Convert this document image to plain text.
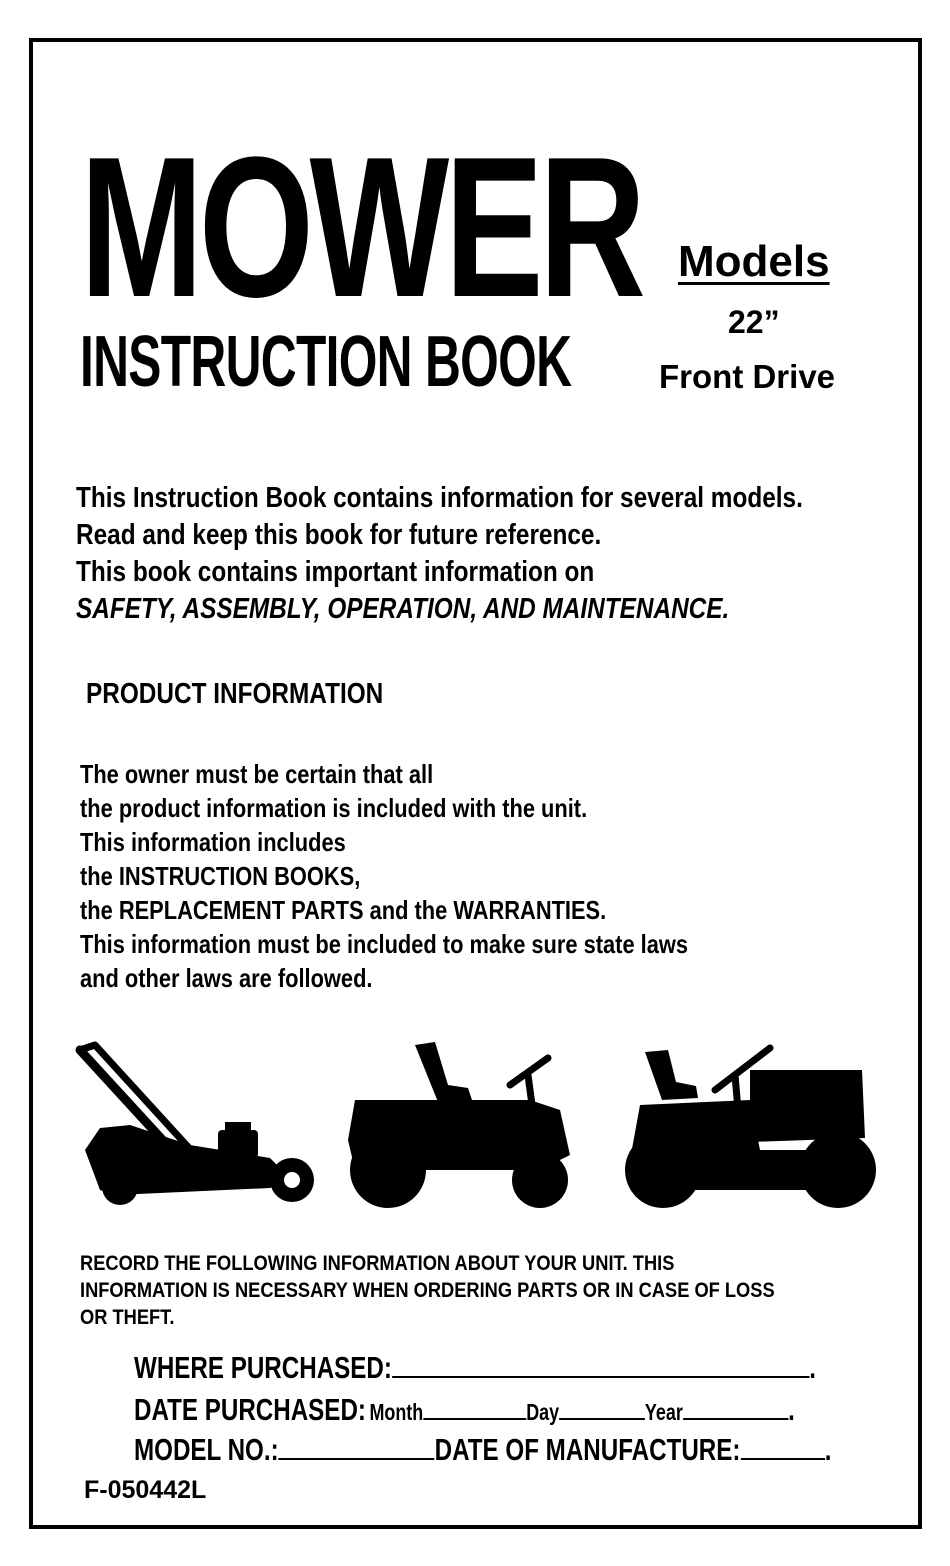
MOWER
INSTRUCTION BOOK
Models
22”
Front Drive
This Instruction Book contains information for several models.
Read and keep this book for future reference.
This book contains important information on
SAFETY, ASSEMBLY, OPERATION, AND MAINTENANCE.
PRODUCT INFORMATION
The owner must be certain that all
the product information is included with the unit.
This information includes
the INSTRUCTION BOOKS,
the REPLACEMENT PARTS and the WARRANTIES.
This information must be included to make sure state laws
and other laws are followed.
RECORD THE FOLLOWING INFORMATION ABOUT YOUR UNIT. THIS
INFORMATION IS NECESSARY WHEN ORDERING PARTS OR IN CASE OF LOSS
OR THEFT.
WHERE PURCHASED:	.
DATE PURCHASED: Month	Day	Year	.
MODEL NO.:	DATE OF MANUFACTURE:	.
F-050442L
